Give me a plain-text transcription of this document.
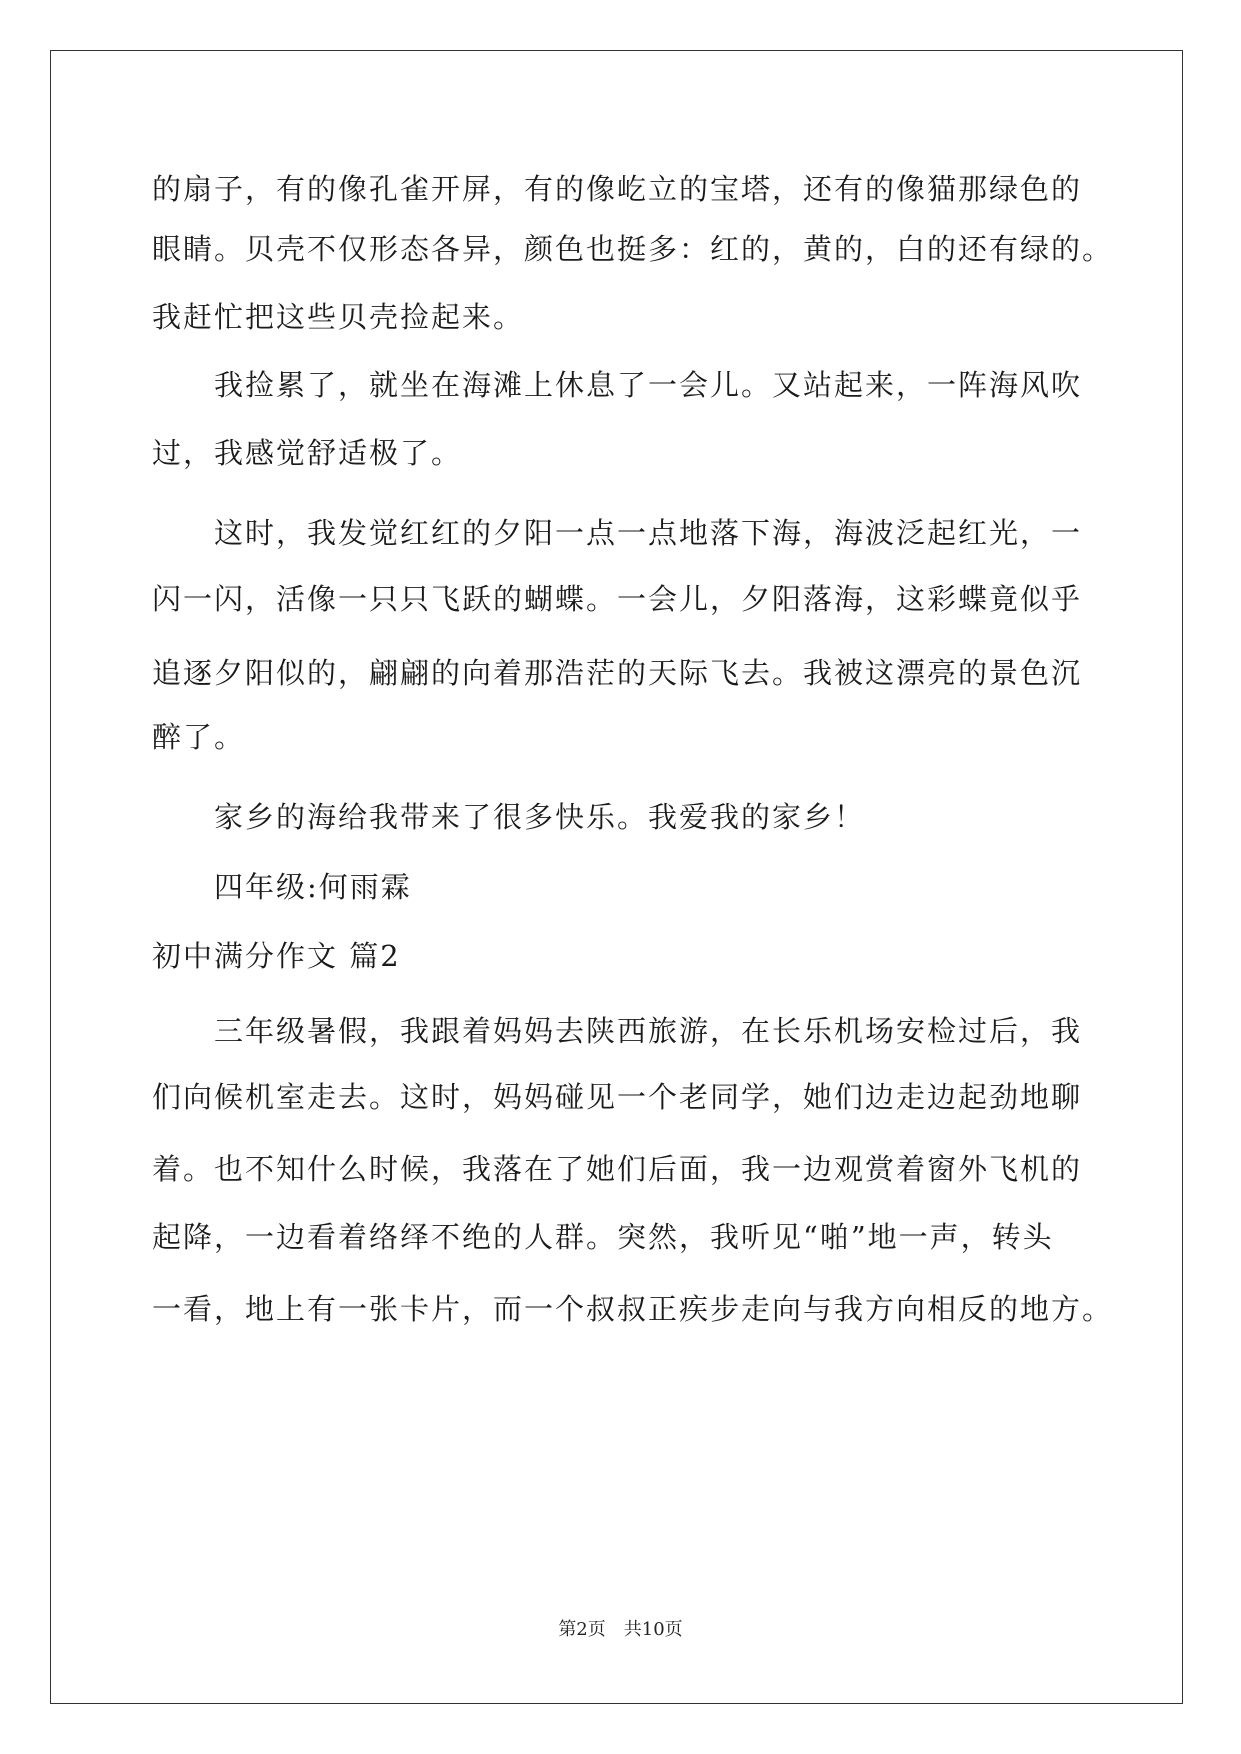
的扇子，有的像孔雀开屏，有的像屹立的宝塔，还有的像猫那绿色的

眼睛。贝壳不仅形态各异，颜色也挺多：红的，黄的，白的还有绿的。

我赶忙把这些贝壳捡起来。

我捡累了，就坐在海滩上休息了一会儿。又站起来，一阵海风吹

过，我感觉舒适极了。

这时，我发觉红红的夕阳一点一点地落下海，海波泛起红光，一

闪一闪，活像一只只飞跃的蝴蝶。一会儿，夕阳落海，这彩蝶竟似乎

追逐夕阳似的，翩翩的向着那浩茫的天际飞去。我被这漂亮的景色沉

醉了。

家乡的海给我带来了很多快乐。我爱我的家乡！

四年级:何雨霖

初中满分作文 篇2

三年级暑假，我跟着妈妈去陕西旅游，在长乐机场安检过后，我

们向候机室走去。这时，妈妈碰见一个老同学，她们边走边起劲地聊

着。也不知什么时候，我落在了她们后面，我一边观赏着窗外飞机的

起降，一边看着络绎不绝的人群。突然，我听见“啪”地一声，转头

一看，地上有一张卡片，而一个叔叔正疾步走向与我方向相反的地方。

第2页　共10页
